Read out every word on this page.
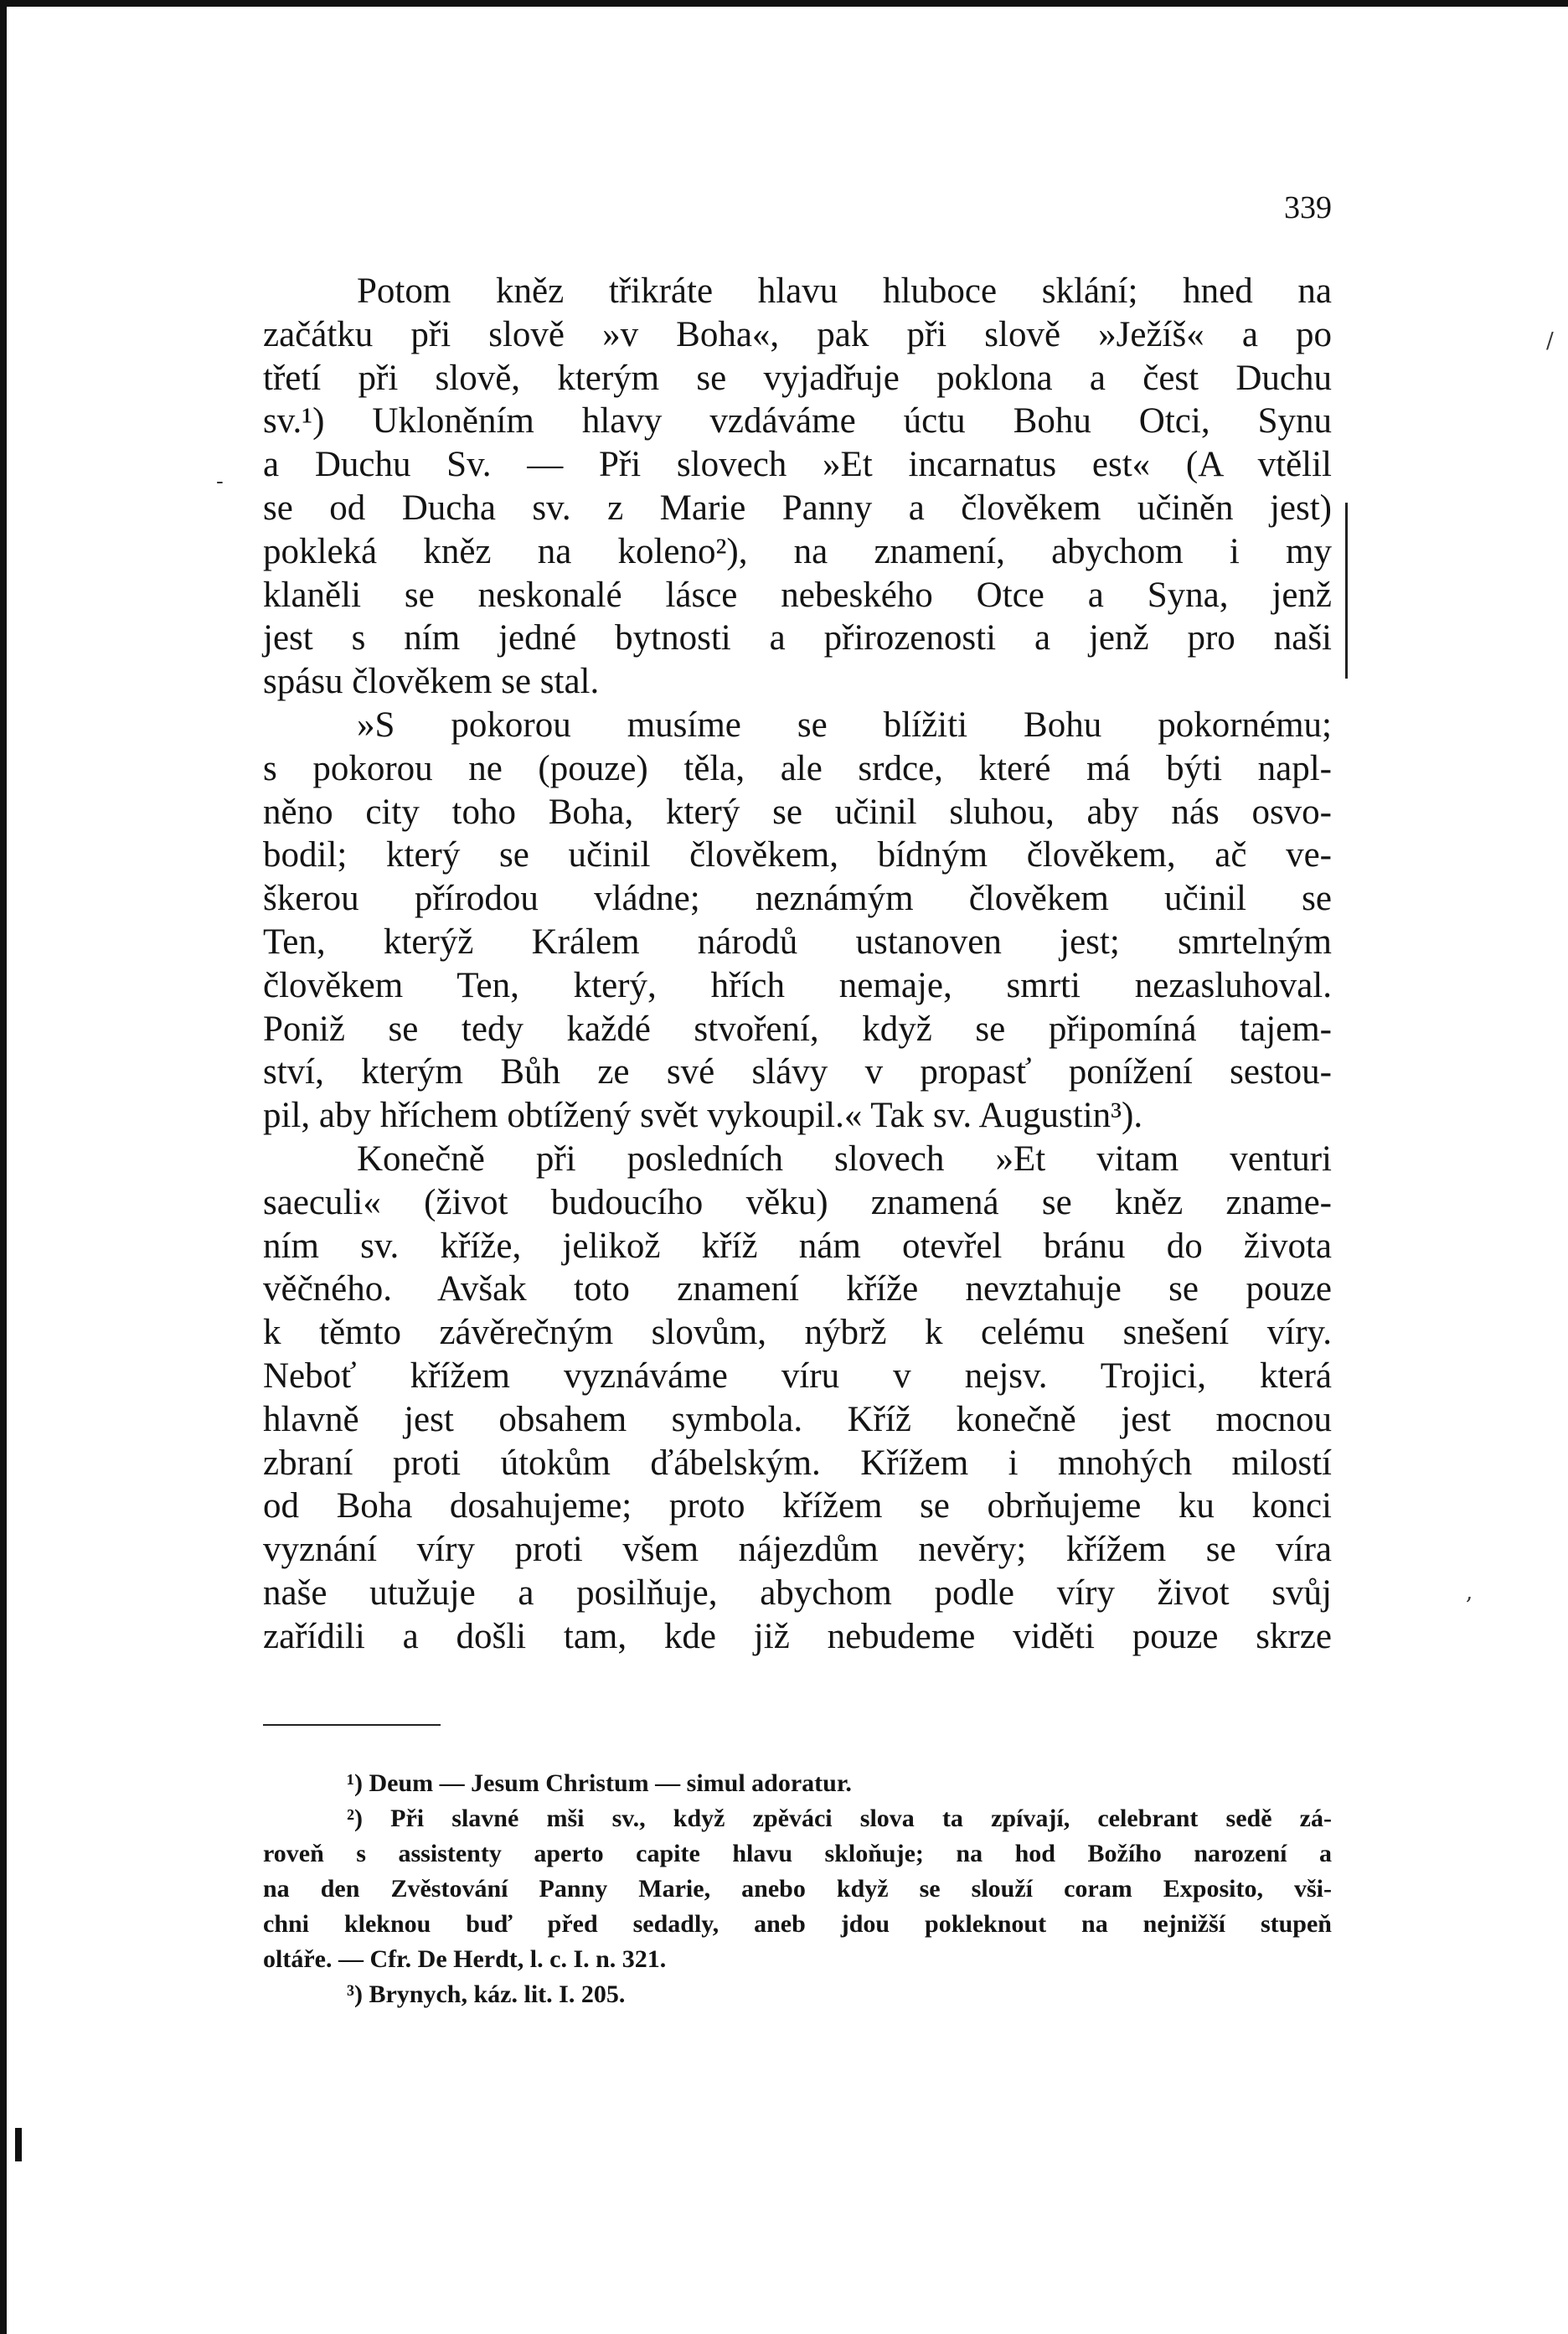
339

Potom kněz třikráte hlavu hluboce sklání; hned na
začátku při slově »v Boha«, pak při slově »Ježíš« a po
třetí při slově, kterým se vyjadřuje poklona a čest Duchu
sv.¹) Ukloněním hlavy vzdáváme úctu Bohu Otci, Synu
a Duchu Sv. — Při slovech »Et incarnatus est« (A vtělil
se od Ducha sv. z Marie Panny a člověkem učiněn jest)
pokleká kněz na koleno²), na znamení, abychom i my
klaněli se neskonalé lásce nebeského Otce a Syna, jenž
jest s ním jedné bytnosti a přirozenosti a jenž pro naši
spásu člověkem se stal.

»S pokorou musíme se blížiti Bohu pokornému;
s pokorou ne (pouze) těla, ale srdce, které má býti napl-
něno city toho Boha, který se učinil sluhou, aby nás osvo-
bodil; který se učinil člověkem, bídným člověkem, ač ve-
škerou přírodou vládne; neznámým člověkem učinil se
Ten, kterýž Králem národů ustanoven jest; smrtelným
člověkem Ten, který, hřích nemaje, smrti nezasluhoval.
Poniž se tedy každé stvoření, když se připomíná tajem-
ství, kterým Bůh ze své slávy v propasť ponížení sestou-
pil, aby hříchem obtížený svět vykoupil.« Tak sv. Augustin³).

Konečně při posledních slovech »Et vitam venturi
saeculi« (život budoucího věku) znamená se kněz zname-
ním sv. kříže, jelikož kříž nám otevřel bránu do života
věčného. Avšak toto znamení kříže nevztahuje se pouze
k těmto závěrečným slovům, nýbrž k celému snešení víry.
Neboť křížem vyznáváme víru v nejsv. Trojici, která
hlavně jest obsahem symbola. Kříž konečně jest mocnou
zbraní proti útokům ďábelským. Křížem i mnohých milostí
od Boha dosahujeme; proto křížem se obrňujeme ku konci
vyznání víry proti všem nájezdům nevěry; křížem se víra
naše utužuje a posilňuje, abychom podle víry život svůj
zařídili a došli tam, kde již nebudeme viděti pouze skrze

/
-
,
¹) Deum — Jesum Christum — simul adoratur.
²) Při slavné mši sv., když zpěváci slova ta zpívají, celebrant sedě zá-
roveň s assistenty aperto capite hlavu skloňuje; na hod Božího narození a
na den Zvěstování Panny Marie, anebo když se slouží coram Exposito, vši-
chni kleknou buď před sedadly, aneb jdou pokleknout na nejnižší stupeň
oltáře. — Cfr. De Herdt, l. c. I. n. 321.
³) Brynych, káz. lit. I. 205.
